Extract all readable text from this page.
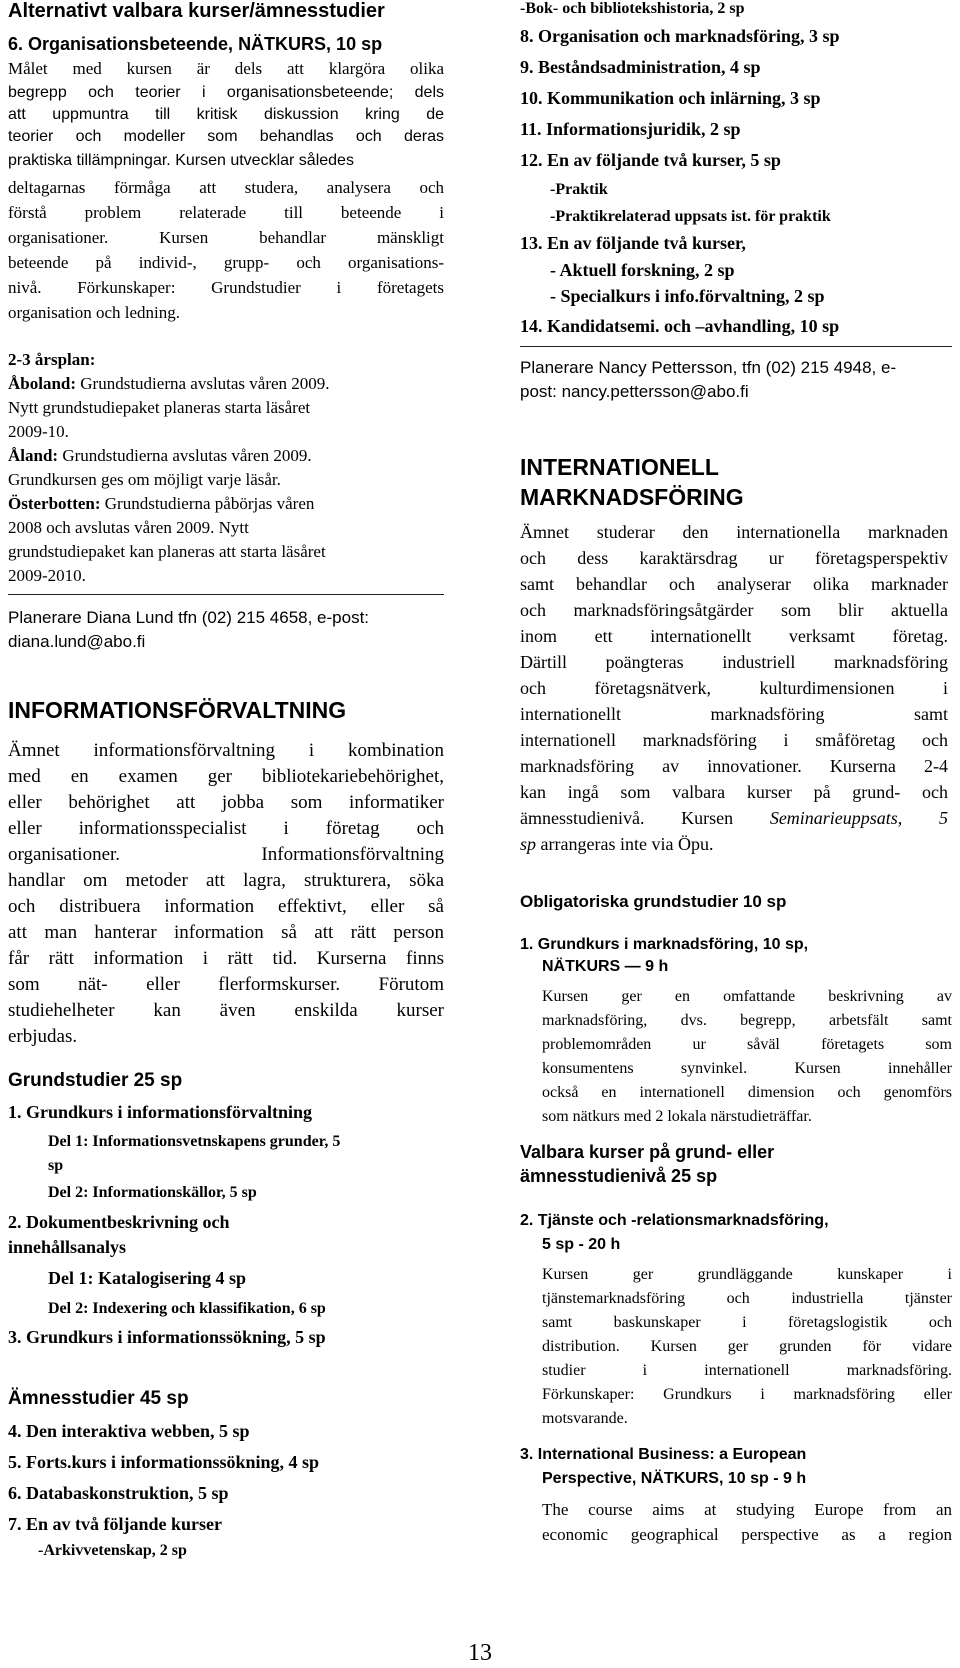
Alternativt valbara kurser/ämnesstudier

6. Organisationsbeteende, NÄTKURS, 10 sp

Målet med kursen är dels att klargöra olika

begrepp och teorier i organisationsbeteende; dels

att uppmuntra till kritisk diskussion kring de

teorier och modeller som behandlas och deras

praktiska tillämpningar. Kursen utvecklar således

deltagarnas förmåga att studera, analysera och

förstå problem relaterade till beteende i

organisationer. Kursen behandlar mänskligt

beteende på individ-, grupp- och organisations-

nivå. Förkunskaper: Grundstudier i företagets

organisation och ledning.

2-3 årsplan:

Åboland: Grundstudierna avslutas våren 2009.

Nytt grundstudiepaket planeras starta läsåret

2009-10.

Åland: Grundstudierna avslutas våren 2009.

Grundkursen ges om möjligt varje läsår.

Österbotten: Grundstudierna påbörjas våren

2008 och avslutas våren 2009. Nytt

grundstudiepaket kan planeras att starta läsåret

2009-2010.

Planerare Diana Lund tfn (02) 215 4658, e-post:

diana.lund@abo.fi

INFORMATIONSFÖRVALTNING

Ämnet informationsförvaltning i kombination

med en examen ger bibliotekariebehörighet,

eller behörighet att jobba som informatiker

eller informationsspecialist i företag och

organisationer. Informationsförvaltning

handlar om metoder att lagra, strukturera, söka

och distribuera information effektivt, eller så

att man hanterar information så att rätt person

får rätt information i rätt tid. Kurserna finns

som nät- eller flerformskurser. Förutom

studiehelheter kan även enskilda kurser

erbjudas.

Grundstudier 25 sp

1. Grundkurs i informationsförvaltning

Del 1: Informationsvetnskapens grunder, 5

sp

Del 2: Informationskällor, 5 sp

2. Dokumentbeskrivning och

innehållsanalys

Del 1: Katalogisering 4 sp

Del 2: Indexering och klassifikation, 6 sp

3. Grundkurs i informationssökning, 5 sp

Ämnesstudier 45 sp

4. Den interaktiva webben, 5 sp

5. Forts.kurs i informationssökning, 4 sp

6. Databaskonstruktion, 5 sp

7. En av två följande kurser

-Arkivvetenskap, 2 sp

-Bok- och bibliotekshistoria, 2 sp

8. Organisation och marknadsföring, 3 sp

9. Beståndsadministration, 4 sp

10. Kommunikation och inlärning, 3 sp

11. Informationsjuridik, 2 sp

12. En av följande två kurser, 5 sp

-Praktik

-Praktikrelaterad uppsats ist. för praktik

13. En av följande två kurser,

- Aktuell forskning, 2 sp

- Specialkurs i info.förvaltning, 2 sp

14. Kandidatsemi. och –avhandling, 10 sp

Planerare Nancy Pettersson, tfn (02) 215 4948, e-

post: nancy.pettersson@abo.fi

INTERNATIONELL

MARKNADSFÖRING

Ämnet studerar den internationella marknaden

och dess karaktärsdrag ur företagsperspektiv

samt behandlar och analyserar olika marknader

och marknadsföringsåtgärder som blir aktuella

inom ett internationellt verksamt företag.

Därtill poängteras industriell marknadsföring

och företagsnätverk, kulturdimensionen i

internationellt marknadsföring samt

internationell marknadsföring i småföretag och

marknadsföring av innovationer. Kurserna 2-4

kan ingå som valbara kurser på grund- och

ämnesstudienivå. Kursen Seminarieuppsats, 5

sp arrangeras inte via Öpu.

Obligatoriska grundstudier 10 sp

1. Grundkurs i marknadsföring, 10 sp,

NÄTKURS — 9 h

Kursen ger en omfattande beskrivning av

marknadsföring, dvs. begrepp, arbetsfält samt

problemområden ur såväl företagets som

konsumentens synvinkel. Kursen innehåller

också en internationell dimension och genomförs

som nätkurs med 2 lokala närstudieträffar.

Valbara kurser på grund- eller

ämnesstudienivå 25 sp

2. Tjänste och -relationsmarknadsföring,

5 sp - 20 h

Kursen ger grundläggande kunskaper i

tjänstemarknadsföring och industriella tjänster

samt baskunskaper i företagslogistik och

distribution. Kursen ger grunden för vidare

studier i internationell marknadsföring.

Förkunskaper: Grundkurs i marknadsföring eller

motsvarande.

3. International Business: a European

Perspective, NÄTKURS, 10 sp - 9 h

The course aims at studying Europe from an

economic geographical perspective as a region

13
